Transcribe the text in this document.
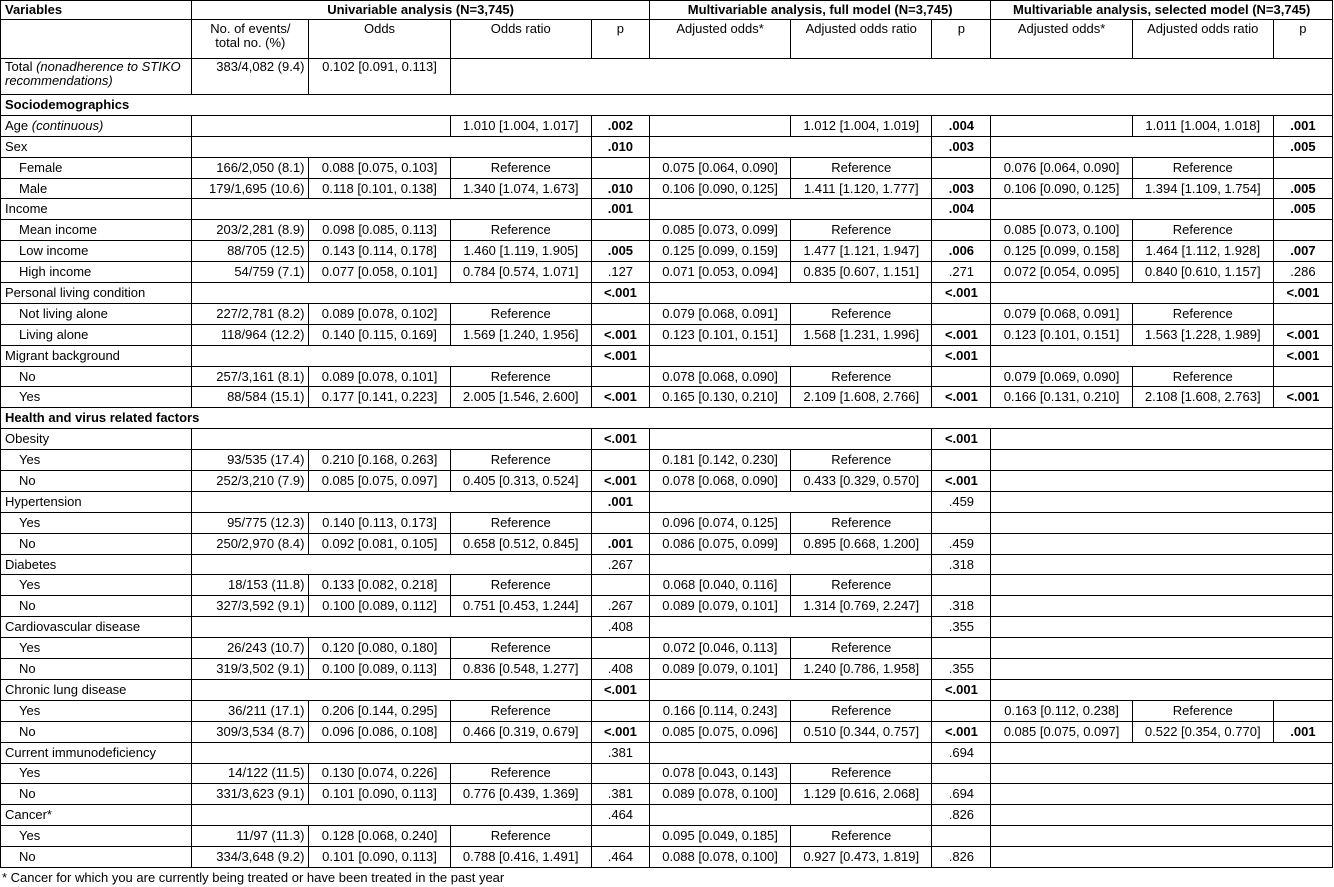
Variables	Univariable analysis (N=3,745)				Multivariable analysis, full model (N=3,745)			Multivariable analysis, selected model (N=3,745)		
	No. of events/
total no. (%)	Odds	Odds ratio	p	Adjusted odds*	Adjusted odds ratio	p	Adjusted odds*	Adjusted odds ratio	p
Total (nonadherence to STIKO recommendations)	383/4,082 (9.4)	0.102 [0.091, 0.113]								
Sociodemographics										
Age (continuous)			1.010 [1.004, 1.017]	.002		1.012 [1.004, 1.019]	.004		1.011 [1.004, 1.018]	.001
Sex				.010			.003			.005
Female	166/2,050 (8.1)	0.088 [0.075, 0.103]	Reference		0.075 [0.064, 0.090]	Reference		0.076 [0.064, 0.090]	Reference	
Male	179/1,695 (10.6)	0.118 [0.101, 0.138]	1.340 [1.074, 1.673]	.010	0.106 [0.090, 0.125]	1.411 [1.120, 1.777]	.003	0.106 [0.090, 0.125]	1.394 [1.109, 1.754]	.005
Income				.001			.004			.005
Mean income	203/2,281 (8.9)	0.098 [0.085, 0.113]	Reference		0.085 [0.073, 0.099]	Reference		0.085 [0.073, 0.100]	Reference	
Low income	88/705 (12.5)	0.143 [0.114, 0.178]	1.460 [1.119, 1.905]	.005	0.125 [0.099, 0.159]	1.477 [1.121, 1.947]	.006	0.125 [0.099, 0.158]	1.464 [1.112, 1.928]	.007
High income	54/759 (7.1)	0.077 [0.058, 0.101]	0.784 [0.574, 1.071]	.127	0.071 [0.053, 0.094]	0.835 [0.607, 1.151]	.271	0.072 [0.054, 0.095]	0.840 [0.610, 1.157]	.286
Personal living condition				<.001			<.001			<.001
Not living alone	227/2,781 (8.2)	0.089 [0.078, 0.102]	Reference		0.079 [0.068, 0.091]	Reference		0.079 [0.068, 0.091]	Reference	
Living alone	118/964 (12.2)	0.140 [0.115, 0.169]	1.569 [1.240, 1.956]	<.001	0.123 [0.101, 0.151]	1.568 [1.231, 1.996]	<.001	0.123 [0.101, 0.151]	1.563 [1.228, 1.989]	<.001
Migrant background				<.001			<.001			<.001
No	257/3,161 (8.1)	0.089 [0.078, 0.101]	Reference		0.078 [0.068, 0.090]	Reference		0.079 [0.069, 0.090]	Reference	
Yes	88/584 (15.1)	0.177 [0.141, 0.223]	2.005 [1.546, 2.600]	<.001	0.165 [0.130, 0.210]	2.109 [1.608, 2.766]	<.001	0.166 [0.131, 0.210]	2.108 [1.608, 2.763]	<.001
Health and virus related factors										
Obesity				<.001			<.001			
Yes	93/535 (17.4)	0.210 [0.168, 0.263]	Reference		0.181 [0.142, 0.230]	Reference				
No	252/3,210 (7.9)	0.085 [0.075, 0.097]	0.405 [0.313, 0.524]	<.001	0.078 [0.068, 0.090]	0.433 [0.329, 0.570]	<.001			
Hypertension				.001			.459			
Yes	95/775 (12.3)	0.140 [0.113, 0.173]	Reference		0.096 [0.074, 0.125]	Reference				
No	250/2,970 (8.4)	0.092 [0.081, 0.105]	0.658 [0.512, 0.845]	.001	0.086 [0.075, 0.099]	0.895 [0.668, 1.200]	.459			
Diabetes				.267			.318			
Yes	18/153 (11.8)	0.133 [0.082, 0.218]	Reference		0.068 [0.040, 0.116]	Reference				
No	327/3,592 (9.1)	0.100 [0.089, 0.112]	0.751 [0.453, 1.244]	.267	0.089 [0.079, 0.101]	1.314 [0.769, 2.247]	.318			
Cardiovascular disease				.408			.355			
Yes	26/243 (10.7)	0.120 [0.080, 0.180]	Reference		0.072 [0.046, 0.113]	Reference				
No	319/3,502 (9.1)	0.100 [0.089, 0.113]	0.836 [0.548, 1.277]	.408	0.089 [0.079, 0.101]	1.240 [0.786, 1.958]	.355			
Chronic lung disease				<.001			<.001			
Yes	36/211 (17.1)	0.206 [0.144, 0.295]	Reference		0.166 [0.114, 0.243]	Reference		0.163 [0.112, 0.238]	Reference	
No	309/3,534 (8.7)	0.096 [0.086, 0.108]	0.466 [0.319, 0.679]	<.001	0.085 [0.075, 0.096]	0.510 [0.344, 0.757]	<.001	0.085 [0.075, 0.097]	0.522 [0.354, 0.770]	.001
Current immunodeficiency				.381			.694			
Yes	14/122 (11.5)	0.130 [0.074, 0.226]	Reference		0.078 [0.043, 0.143]	Reference				
No	331/3,623 (9.1)	0.101 [0.090, 0.113]	0.776 [0.439, 1.369]	.381	0.089 [0.078, 0.100]	1.129 [0.616, 2.068]	.694			
Cancer*				.464			.826			
Yes	11/97 (11.3)	0.128 [0.068, 0.240]	Reference		0.095 [0.049, 0.185]	Reference				
No	334/3,648 (9.2)	0.101 [0.090, 0.113]	0.788 [0.416, 1.491]	.464	0.088 [0.078, 0.100]	0.927 [0.473, 1.819]	.826			
* Cancer for which you are currently being treated or have been treated in the past year
